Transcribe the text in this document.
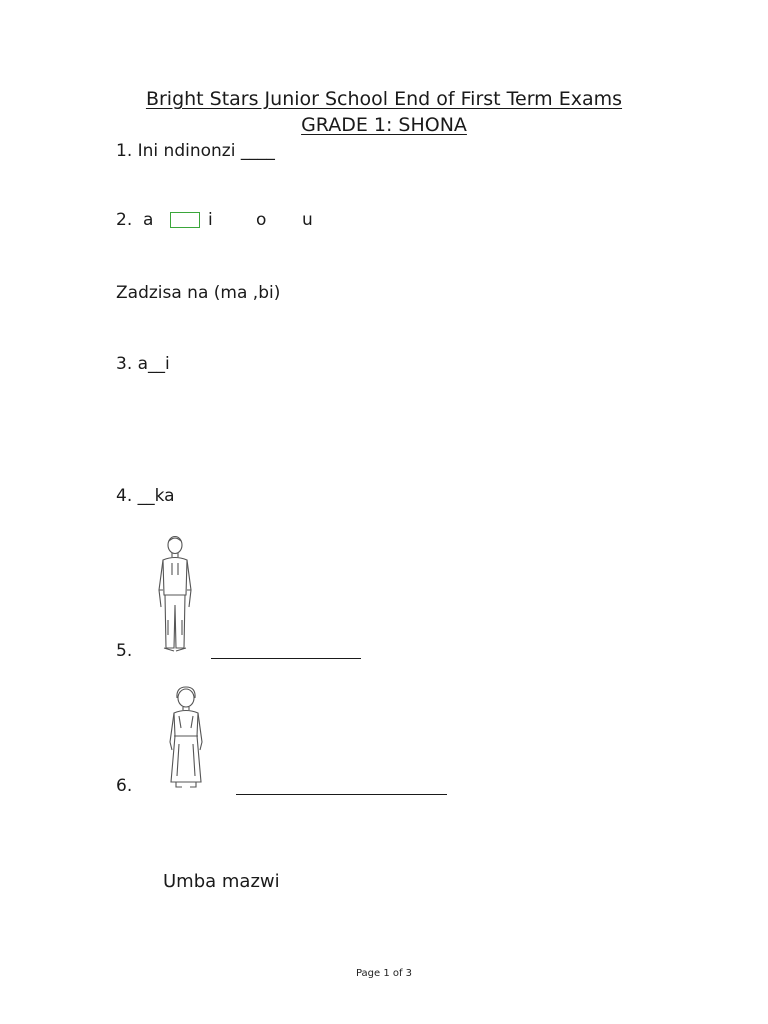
Bright Stars Junior School End of First Term Exams
GRADE 1: SHONA
1. Ini ndinonzi ____
2. a	i	o u
Zadzisa na (ma ,bi)
3. a__i
4. __ka
5.
6.
Umba mazwi
Page 1 of 3
